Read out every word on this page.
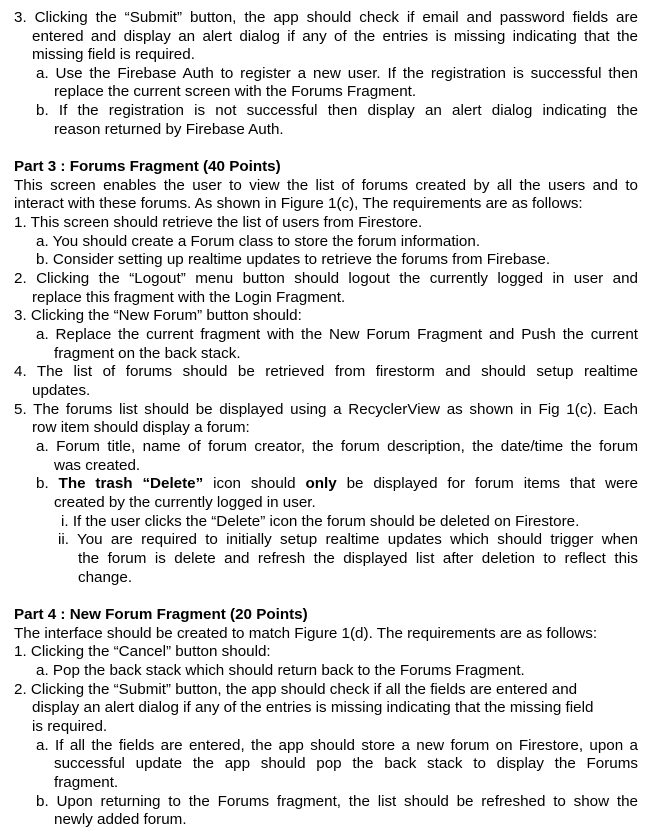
3. Clicking the “Submit” button, the app should check if email and password fields are
entered and display an alert dialog if any of the entries is missing indicating that the
missing field is required.
a. Use the Firebase Auth to register a new user. If the registration is successful then
replace the current screen with the Forums Fragment.
b. If the registration is not successful then display an alert dialog indicating the
reason returned by Firebase Auth.
Part 3 : Forums Fragment (40 Points)
This screen enables the user to view the list of forums created by all the users and to
interact with these forums. As shown in Figure 1(c), The requirements are as follows:
1. This screen should retrieve the list of users from Firestore.
a. You should create a Forum class to store the forum information.
b. Consider setting up realtime updates to retrieve the forums from Firebase.
2. Clicking the “Logout” menu button should logout the currently logged in user and
replace this fragment with the Login Fragment.
3. Clicking the “New Forum” button should:
a. Replace the current fragment with the New Forum Fragment and Push the current
fragment on the back stack.
4. The list of forums should be retrieved from firestorm and should setup realtime
updates.
5. The forums list should be displayed using a RecyclerView as shown in Fig 1(c). Each
row item should display a forum:
a. Forum title, name of forum creator, the forum description, the date/time the forum
was created.
b. The trash “Delete” icon should only be displayed for forum items that were
created by the currently logged in user.
i. If the user clicks the “Delete” icon the forum should be deleted on Firestore.
ii. You are required to initially setup realtime updates which should trigger when
the forum is delete and refresh the displayed list after deletion to reflect this
change.
Part 4 : New Forum Fragment (20 Points)
The interface should be created to match Figure 1(d). The requirements are as follows:
1. Clicking the “Cancel” button should:
a. Pop the back stack which should return back to the Forums Fragment.
2. Clicking the “Submit” button, the app should check if all the fields are entered and
display an alert dialog if any of the entries is missing indicating that the missing field
is required.
a. If all the fields are entered, the app should store a new forum on Firestore, upon a
successful update the app should pop the back stack to display the Forums
fragment.
b. Upon returning to the Forums fragment, the list should be refreshed to show the
newly added forum.
